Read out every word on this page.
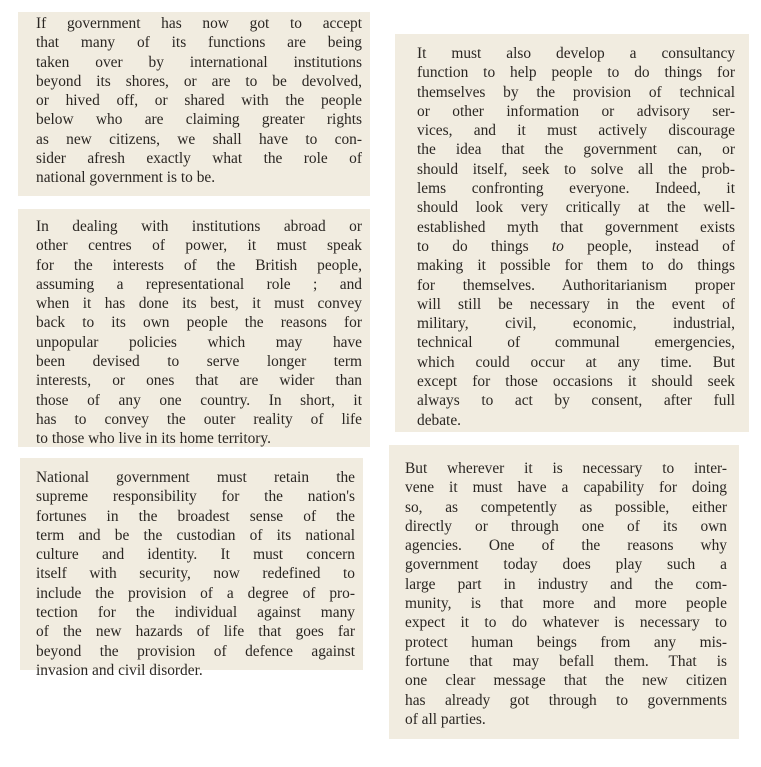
If government has now got to accept
that many of its functions are being
taken over by international institutions
beyond its shores, or are to be devolved,
or hived off, or shared with the people
below who are claiming greater rights
as new citizens, we shall have to con-
sider afresh exactly what the role of
national government is to be.
In dealing with institutions abroad or
other centres of power, it must speak
for the interests of the British people,
assuming a representational role ; and
when it has done its best, it must convey
back to its own people the reasons for
unpopular policies which may have
been devised to serve longer term
interests, or ones that are wider than
those of any one country. In short, it
has to convey the outer reality of life
to those who live in its home territory.
National government must retain the
supreme responsibility for the nation's
fortunes in the broadest sense of the
term and be the custodian of its national
culture and identity. It must concern
itself with security, now redefined to
include the provision of a degree of pro-
tection for the individual against many
of the new hazards of life that goes far
beyond the provision of defence against
invasion and civil disorder.
It must also develop a consultancy
function to help people to do things for
themselves by the provision of technical
or other information or advisory ser-
vices, and it must actively discourage
the idea that the government can, or
should itself, seek to solve all the prob-
lems confronting everyone. Indeed, it
should look very critically at the well-
established myth that government exists
to do things to people, instead of
making it possible for them to do things
for themselves. Authoritarianism proper
will still be necessary in the event of
military, civil, economic, industrial,
technical of communal emergencies,
which could occur at any time. But
except for those occasions it should seek
always to act by consent, after full
debate.
But wherever it is necessary to inter-
vene it must have a capability for doing
so, as competently as possible, either
directly or through one of its own
agencies. One of the reasons why
government today does play such a
large part in industry and the com-
munity, is that more and more people
expect it to do whatever is necessary to
protect human beings from any mis-
fortune that may befall them. That is
one clear message that the new citizen
has already got through to governments
of all parties.
